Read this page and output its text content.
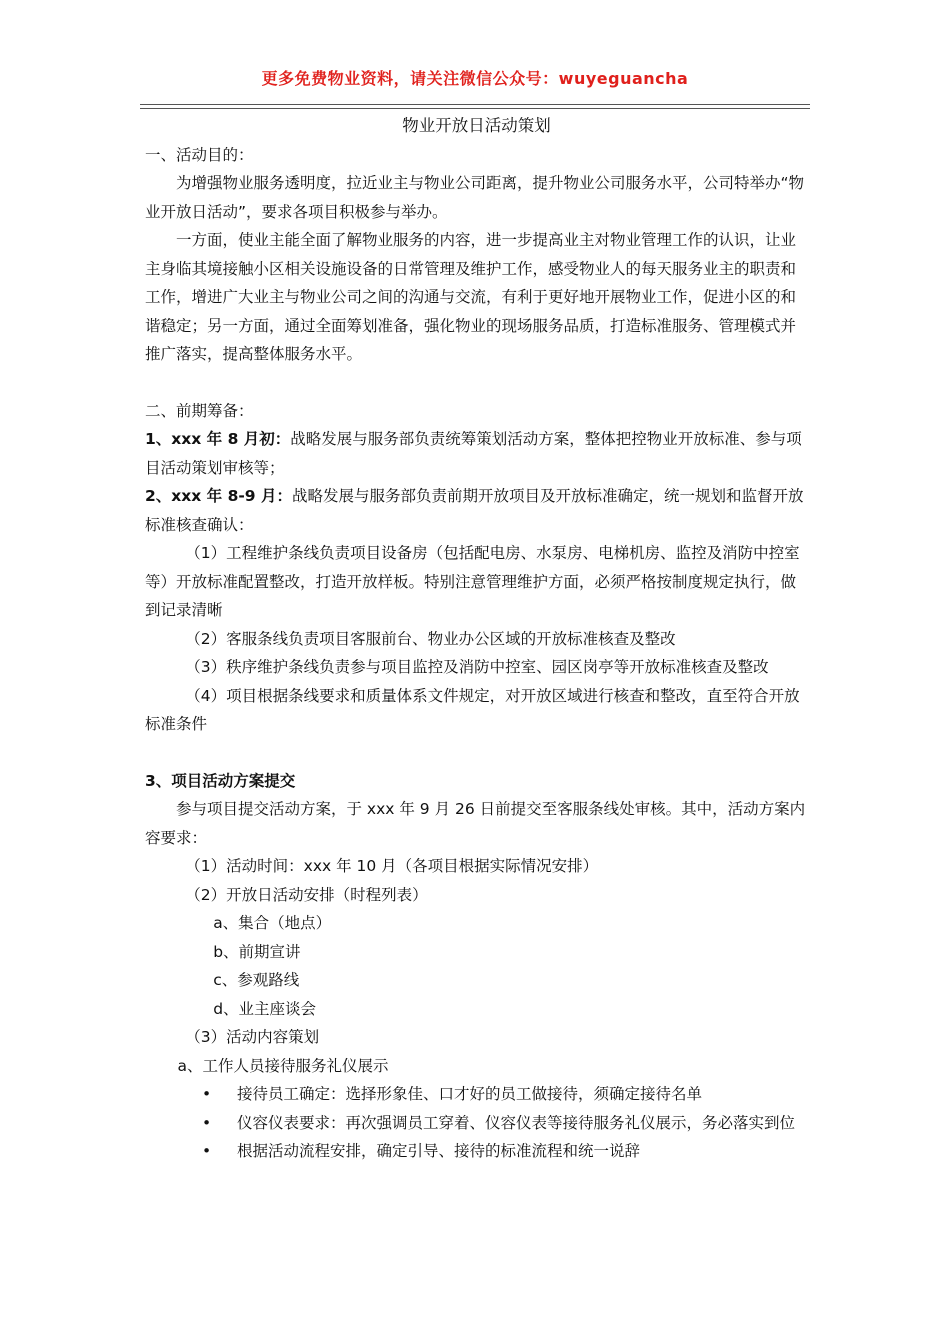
更多免费物业资料，请关注微信公众号：wuyeguancha

物业开放日活动策划

一、活动目的：

为增强物业服务透明度，拉近业主与物业公司距离，提升物业公司服务水平，公司特举办“物业开放日活动”，要求各项目积极参与举办。

一方面，使业主能全面了解物业服务的内容，进一步提高业主对物业管理工作的认识，让业主身临其境接触小区相关设施设备的日常管理及维护工作，感受物业人的每天服务业主的职责和工作，增进广大业主与物业公司之间的沟通与交流，有利于更好地开展物业工作，促进小区的和谐稳定；另一方面，通过全面筹划准备，强化物业的现场服务品质，打造标准服务、管理模式并推广落实，提高整体服务水平。

二、前期筹备：

1、xxx 年 8 月初：战略发展与服务部负责统筹策划活动方案，整体把控物业开放标准、参与项目活动策划审核等；

2、xxx 年 8-9 月：战略发展与服务部负责前期开放项目及开放标准确定，统一规划和监督开放标准核查确认：

（1）工程维护条线负责项目设备房（包括配电房、水泵房、电梯机房、监控及消防中控室等）开放标准配置整改，打造开放样板。特别注意管理维护方面，必须严格按制度规定执行，做到记录清晰

（2）客服条线负责项目客服前台、物业办公区域的开放标准核查及整改

（3）秩序维护条线负责参与项目监控及消防中控室、园区岗亭等开放标准核查及整改

（4）项目根据条线要求和质量体系文件规定，对开放区域进行核查和整改，直至符合开放标准条件

3、项目活动方案提交

参与项目提交活动方案，于 xxx 年 9 月 26 日前提交至客服条线处审核。其中，活动方案内容要求：

（1）活动时间：xxx 年 10 月（各项目根据实际情况安排）

（2）开放日活动安排（时程列表）

a、集合（地点）

b、前期宣讲

c、参观路线

d、业主座谈会

（3）活动内容策划

a、工作人员接待服务礼仪展示

• 接待员工确定：选择形象佳、口才好的员工做接待，须确定接待名单
• 仪容仪表要求：再次强调员工穿着、仪容仪表等接待服务礼仪展示，务必落实到位
• 根据活动流程安排，确定引导、接待的标准流程和统一说辞
